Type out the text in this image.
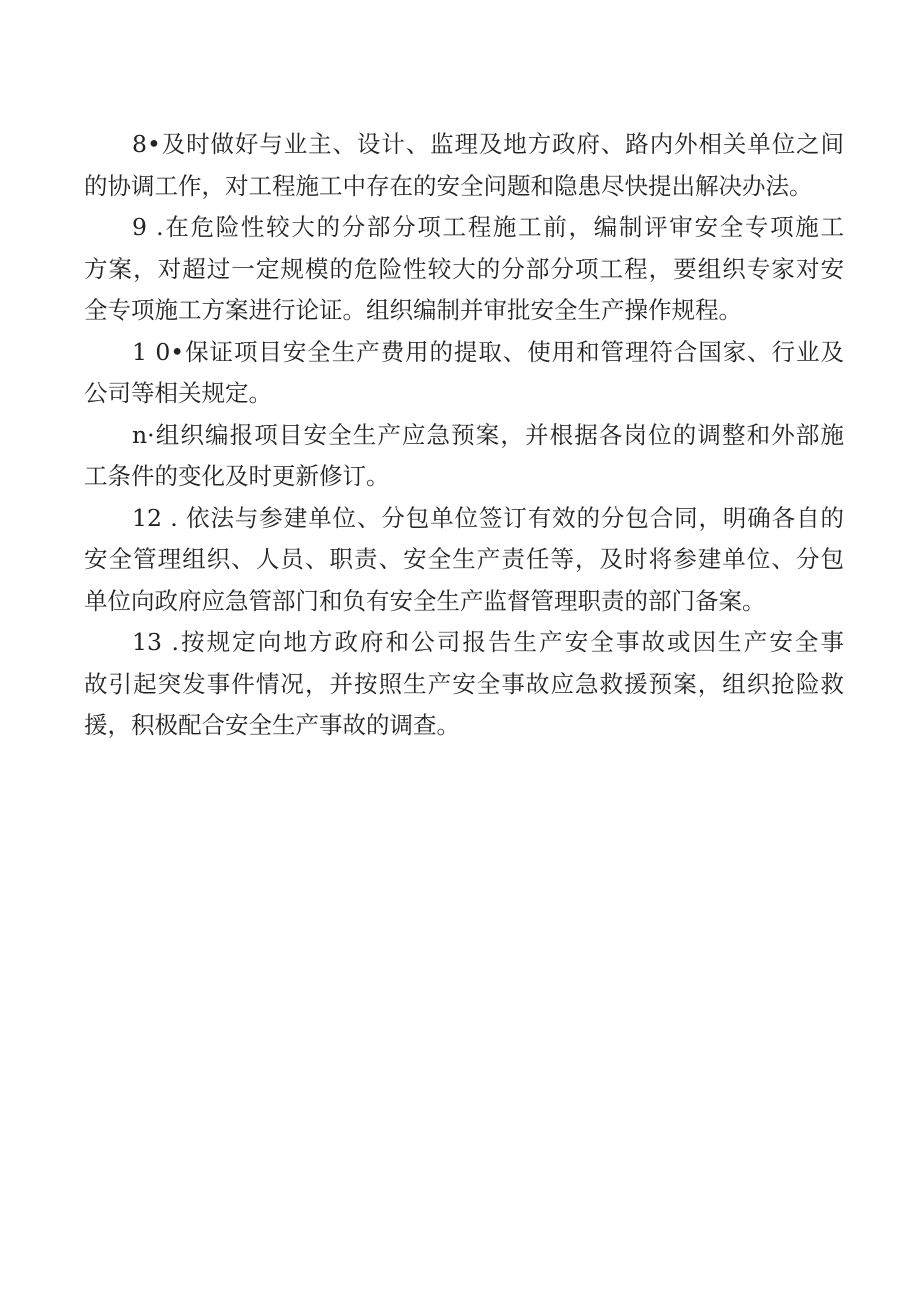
8•及时做好与业主、设计、监理及地方政府、路内外相关单位之间
的协调工作，对工程施工中存在的安全问题和隐患尽快提出解决办法。
9 .在危险性较大的分部分项工程施工前，编制评审安全专项施工
方案，对超过一定规模的危险性较大的分部分项工程，要组织专家对安
全专项施工方案进行论证。组织编制并审批安全生产操作规程。
1 0•保证项目安全生产费用的提取、使用和管理符合国家、行业及
公司等相关规定。
n·组织编报项目安全生产应急预案，并根据各岗位的调整和外部施
工条件的变化及时更新修订。
12 . 依法与参建单位、分包单位签订有效的分包合同，明确各自的
安全管理组织、人员、职责、安全生产责任等，及时将参建单位、分包
单位向政府应急管部门和负有安全生产监督管理职责的部门备案。
13 .按规定向地方政府和公司报告生产安全事故或因生产安全事
故引起突发事件情况，并按照生产安全事故应急救援预案，组织抢险救
援，积极配合安全生产事故的调查。
